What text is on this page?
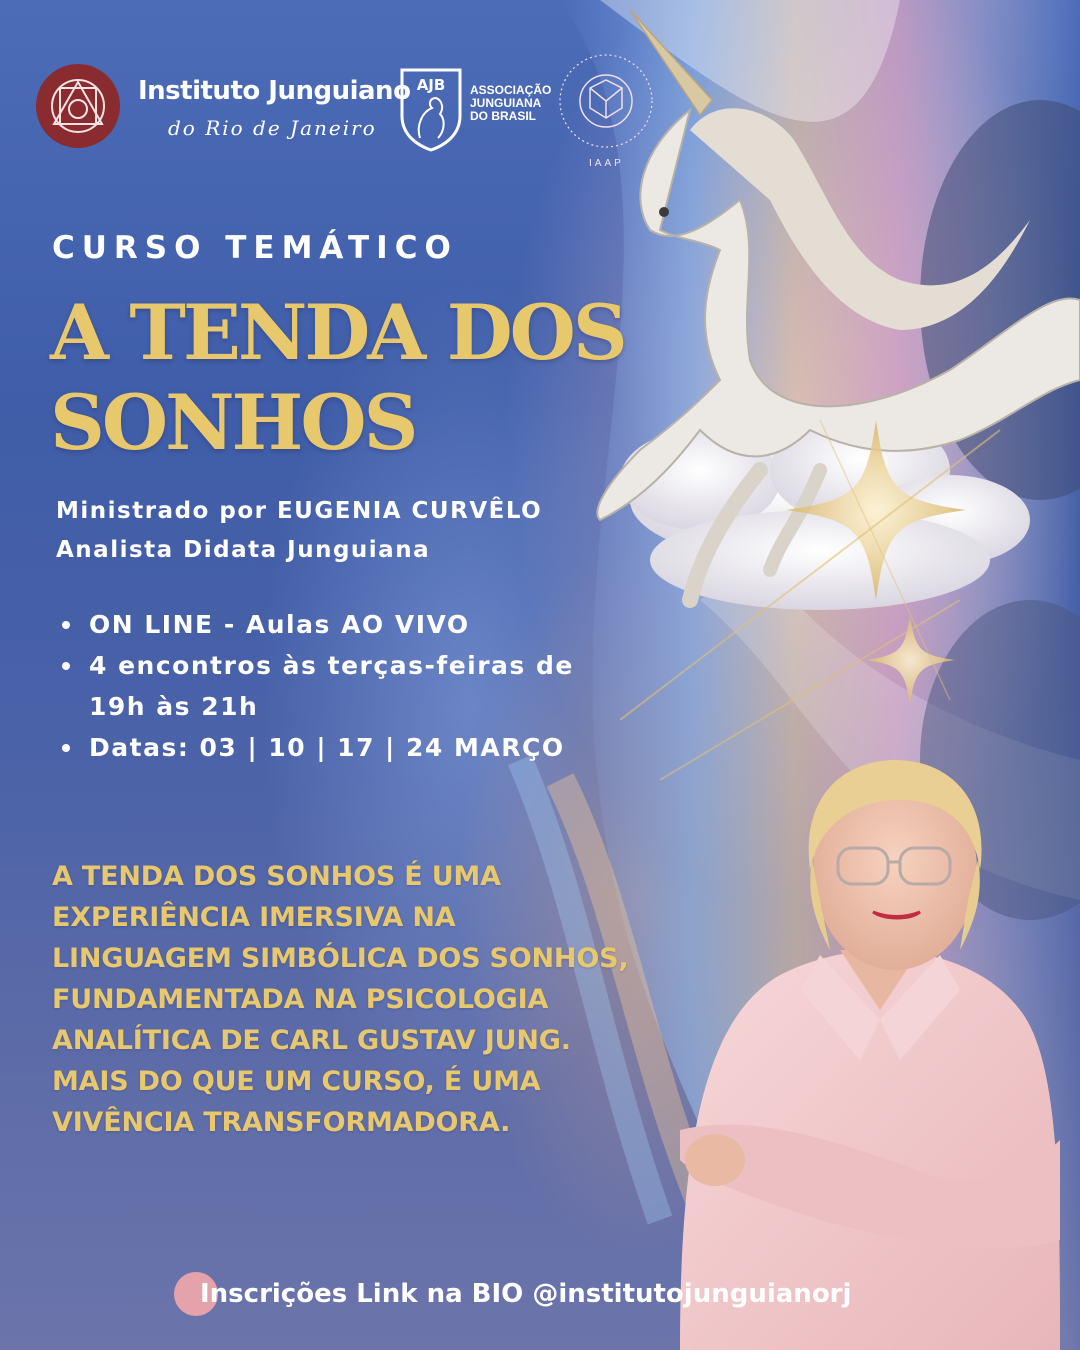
Instituto Junguiano
do Rio de Janeiro
AJB ASSOCIAÇÃO
JUNGUIANA
DO BRASIL
IAAP
CURSO TEMÁTICO
A TENDA DOS SONHOS
Ministrado por EUGENIA CURVÊLO
Analista Didata Junguiana
ON LINE - Aulas AO VIVO
4 encontros às terças-feiras de 19h às 21h
Datas: 03 | 10 | 17 | 24 MARÇO

A TENDA DOS SONHOS É UMA EXPERIÊNCIA IMERSIVA NA LINGUAGEM SIMBÓLICA DOS SONHOS, FUNDAMENTADA NA PSICOLOGIA ANALÍTICA DE CARL GUSTAV JUNG. MAIS DO QUE UM CURSO, É UMA VIVÊNCIA TRANSFORMADORA.

Inscrições Link na BIO @institutojunguianorj
